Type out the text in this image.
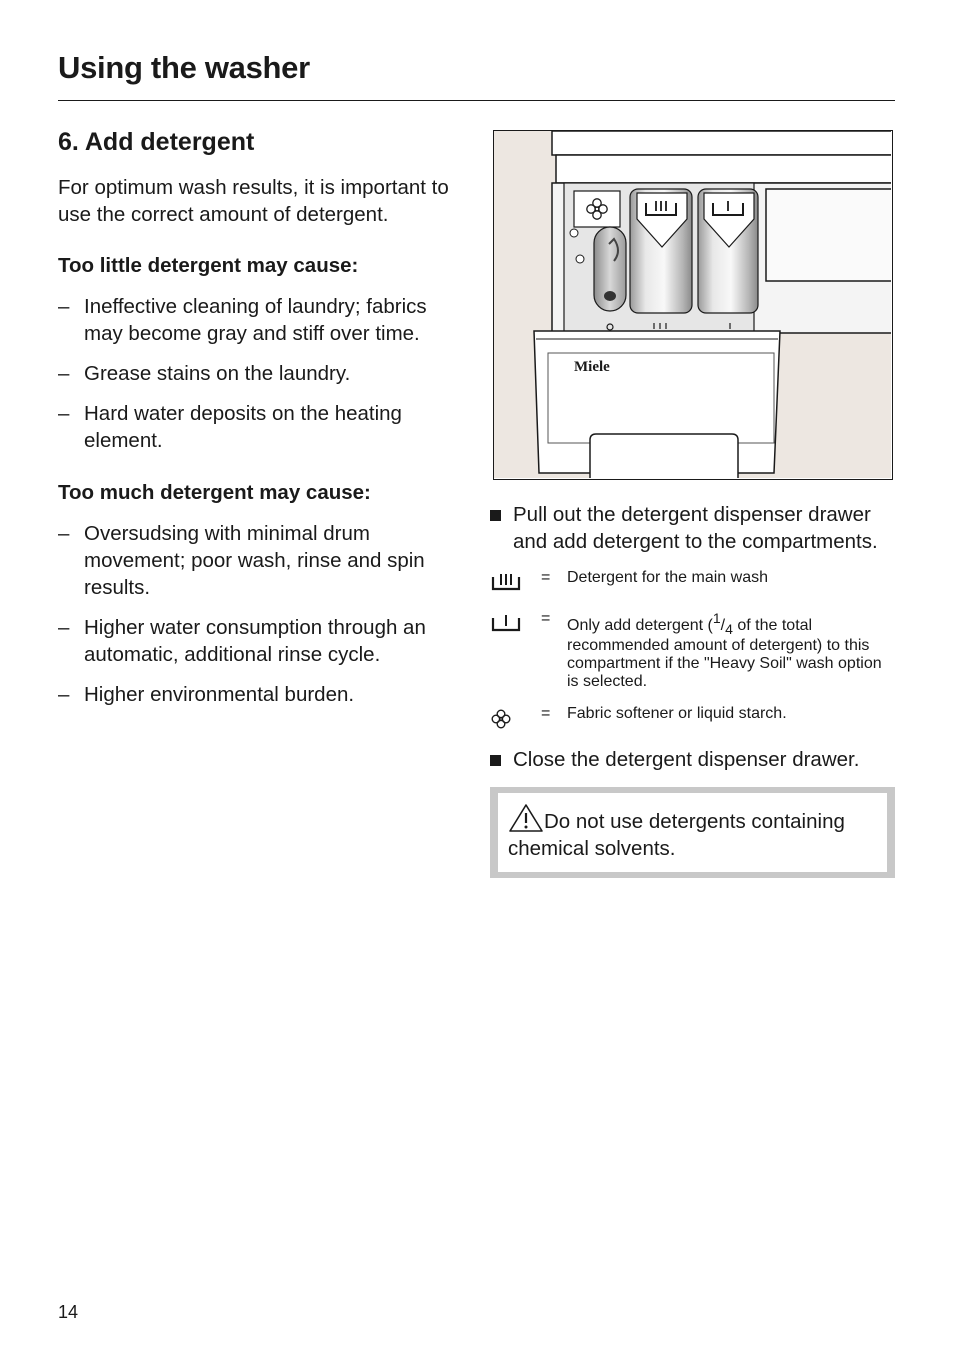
Using the washer
6. Add detergent

For optimum wash results, it is important to use the correct amount of detergent.

Too little detergent may cause:
– Ineffective cleaning of laundry; fabrics may become gray and stiff over time.
– Grease stains on the laundry.
– Hard water deposits on the heating element.
Too much detergent may cause:
– Oversudsing with minimal drum movement; poor wash, rinse and spin results.
– Higher water consumption through an automatic, additional rinse cycle.
– Higher environmental burden.
Miele

Pull out the detergent dispenser drawer and add detergent to the compartments.

= Detergent for the main wash
= Only add detergent (1/4 of the total recommended amount of detergent) to this compartment if the "Heavy Soil" wash option is selected.
= Fabric softener or liquid starch.

Close the detergent dispenser drawer.

Do not use detergents containing chemical solvents.
14
